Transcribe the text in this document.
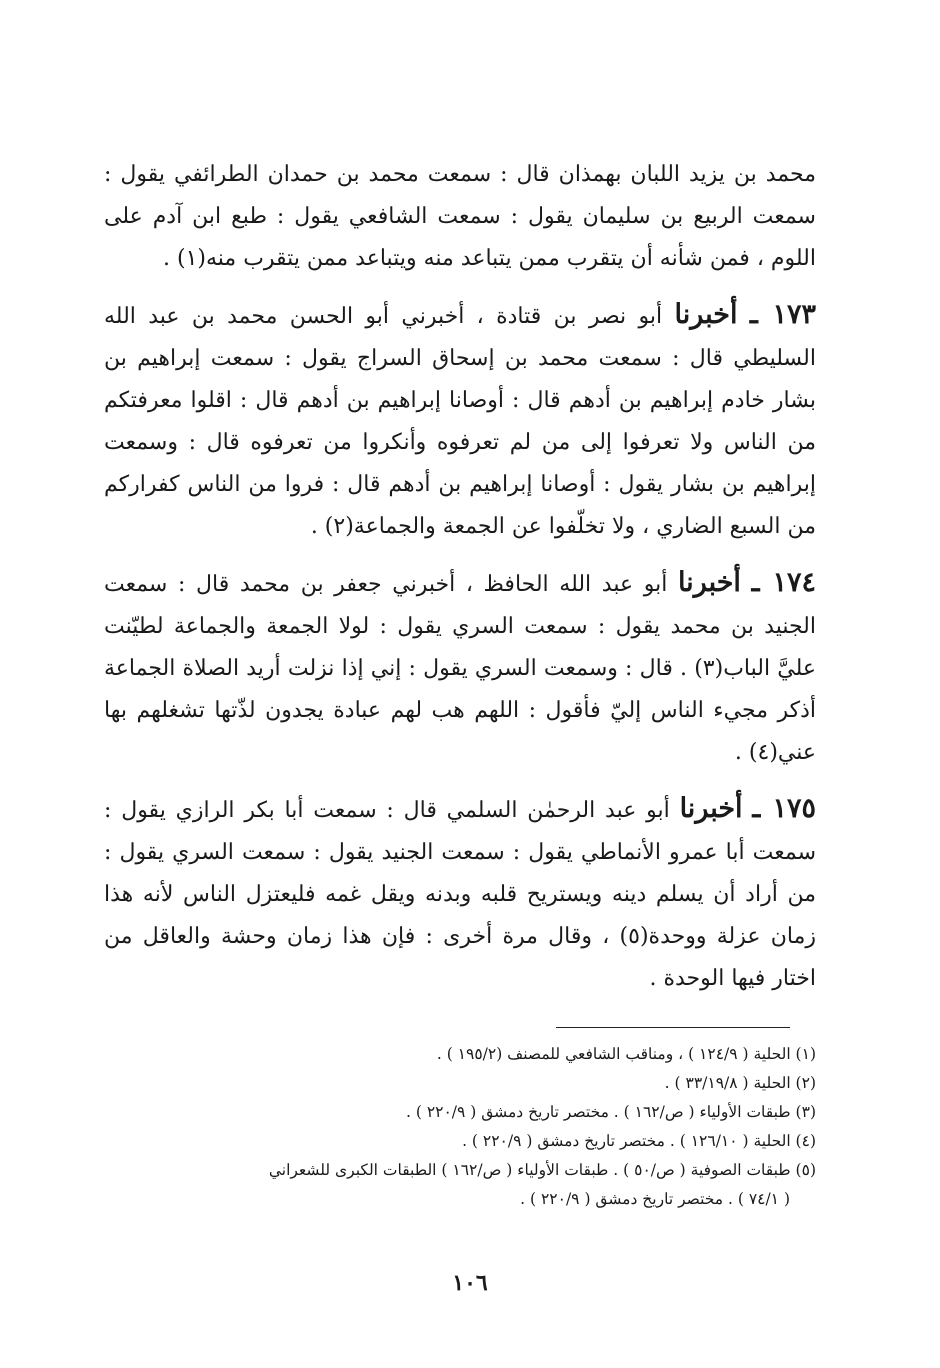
محمد بن يزيد اللبان بهمذان قال : سمعت محمد بن حمدان الطرائفي يقول : سمعت الربيع بن سليمان يقول : سمعت الشافعي يقول : طبع ابن آدم على اللوم ، فمن شأنه أن يتقرب ممن يتباعد منه ويتباعد ممن يتقرب منه(١) .

١٧٣ ـ أخبرنا أبو نصر بن قتادة ، أخبرني أبو الحسن محمد بن عبد الله السليطي قال : سمعت محمد بن إسحاق السراج يقول : سمعت إبراهيم بن بشار خادم إبراهيم بن أدهم قال : أوصانا إبراهيم بن أدهم قال : اقلوا معرفتكم من الناس ولا تعرفوا إلى من لم تعرفوه وأنكروا من تعرفوه قال : وسمعت إبراهيم بن بشار يقول : أوصانا إبراهيم بن أدهم قال : فروا من الناس كفراركم من السبع الضاري ، ولا تخلّفوا عن الجمعة والجماعة(٢) .

١٧٤ ـ أخبرنا أبو عبد الله الحافظ ، أخبرني جعفر بن محمد قال : سمعت الجنيد بن محمد يقول : سمعت السري يقول : لولا الجمعة والجماعة لطيّنت عليَّ الباب(٣) . قال : وسمعت السري يقول : إني إذا نزلت أريد الصلاة الجماعة أذكر مجيء الناس إليّ فأقول : اللهم هب لهم عبادة يجدون لذّتها تشغلهم بها عني(٤) .

١٧٥ ـ أخبرنا أبو عبد الرحمٰن السلمي قال : سمعت أبا بكر الرازي يقول : سمعت أبا عمرو الأنماطي يقول : سمعت الجنيد يقول : سمعت السري يقول : من أراد أن يسلم دينه ويستريح قلبه وبدنه ويقل غمه فليعتزل الناس لأنه هذا زمان عزلة ووحدة(٥) ، وقال مرة أخرى : فإن هذا زمان وحشة والعاقل من اختار فيها الوحدة .

(١) الحلية ( ١٢٤/٩ ) ، ومناقب الشافعي للمصنف (١٩٥/٢ ) .

(٢) الحلية ( ٣٣/١٩/٨ ) .

(٣) طبقات الأولياء ( ص/١٦٢ ) . مختصر تاريخ دمشق ( ٢٢٠/٩ ) .

(٤) الحلية ( ١٢٦/١٠ ) . مختصر تاريخ دمشق ( ٢٢٠/٩ ) .

(٥) طبقات الصوفية ( ص/٥٠ ) . طبقات الأولياء ( ص/١٦٢ ) الطبقات الكبرى للشعراني

( ٧٤/١ ) . مختصر تاريخ دمشق ( ٢٢٠/٩ ) .

١٠٦
